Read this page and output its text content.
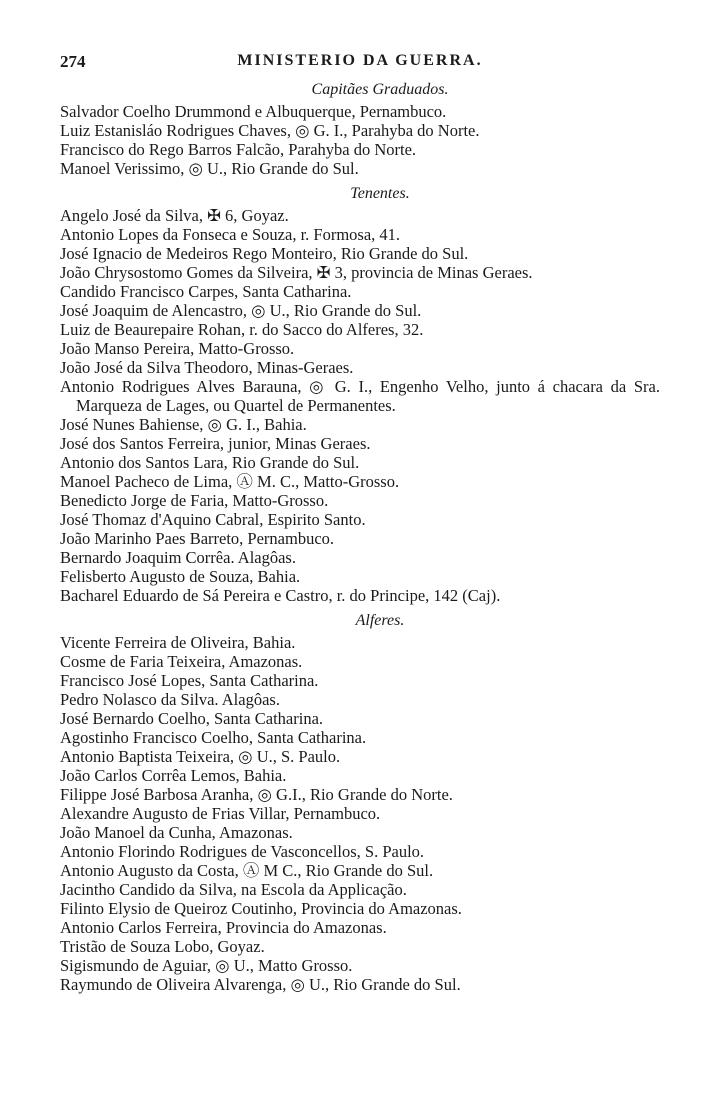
274	MINISTERIO DA GUERRA.
Capitães Graduados.
Salvador Coelho Drummond e Albuquerque, Pernambuco.
Luiz Estanisláo Rodrigues Chaves, ◎ G. I., Parahyba do Norte.
Francisco do Rego Barros Falcão, Parahyba do Norte.
Manoel Verissimo, ◎ U., Rio Grande do Sul.
Tenentes.
Angelo José da Silva, ✠ 6, Goyaz.
Antonio Lopes da Fonseca e Souza, r. Formosa, 41.
José Ignacio de Medeiros Rego Monteiro, Rio Grande do Sul.
João Chrysostomo Gomes da Silveira, ✠ 3, provincia de Minas Geraes.
Candido Francisco Carpes, Santa Catharina.
José Joaquim de Alencastro, ◎ U., Rio Grande do Sul.
Luiz de Beaurepaire Rohan, r. do Sacco do Alferes, 32.
João Manso Pereira, Matto-Grosso.
João José da Silva Theodoro, Minas-Geraes.
Antonio Rodrigues Alves Barauna, ◎ G. I., Engenho Velho, junto á chacara da Sra. Marqueza de Lages, ou Quartel de Permanentes.
José Nunes Bahiense, ◎ G. I., Bahia.
José dos Santos Ferreira, junior, Minas Geraes.
Antonio dos Santos Lara, Rio Grande do Sul.
Manoel Pacheco de Lima, Ⓐ M. C., Matto-Grosso.
Benedicto Jorge de Faria, Matto-Grosso.
José Thomaz d'Aquino Cabral, Espirito Santo.
João Marinho Paes Barreto, Pernambuco.
Bernardo Joaquim Corrêa. Alagôas.
Felisberto Augusto de Souza, Bahia.
Bacharel Eduardo de Sá Pereira e Castro, r. do Principe, 142 (Caj).
Alferes.
Vicente Ferreira de Oliveira, Bahia.
Cosme de Faria Teixeira, Amazonas.
Francisco José Lopes, Santa Catharina.
Pedro Nolasco da Silva. Alagôas.
José Bernardo Coelho, Santa Catharina.
Agostinho Francisco Coelho, Santa Catharina.
Antonio Baptista Teixeira, ◎ U., S. Paulo.
João Carlos Corrêa Lemos, Bahia.
Filippe José Barbosa Aranha, ◎ G.I., Rio Grande do Norte.
Alexandre Augusto de Frias Villar, Pernambuco.
João Manoel da Cunha, Amazonas.
Antonio Florindo Rodrigues de Vasconcellos, S. Paulo.
Antonio Augusto da Costa, Ⓐ M C., Rio Grande do Sul.
Jacintho Candido da Silva, na Escola da Applicação.
Filinto Elysio de Queiroz Coutinho, Provincia do Amazonas.
Antonio Carlos Ferreira, Provincia do Amazonas.
Tristão de Souza Lobo, Goyaz.
Sigismundo de Aguiar, ◎ U., Matto Grosso.
Raymundo de Oliveira Alvarenga, ◎ U., Rio Grande do Sul.
